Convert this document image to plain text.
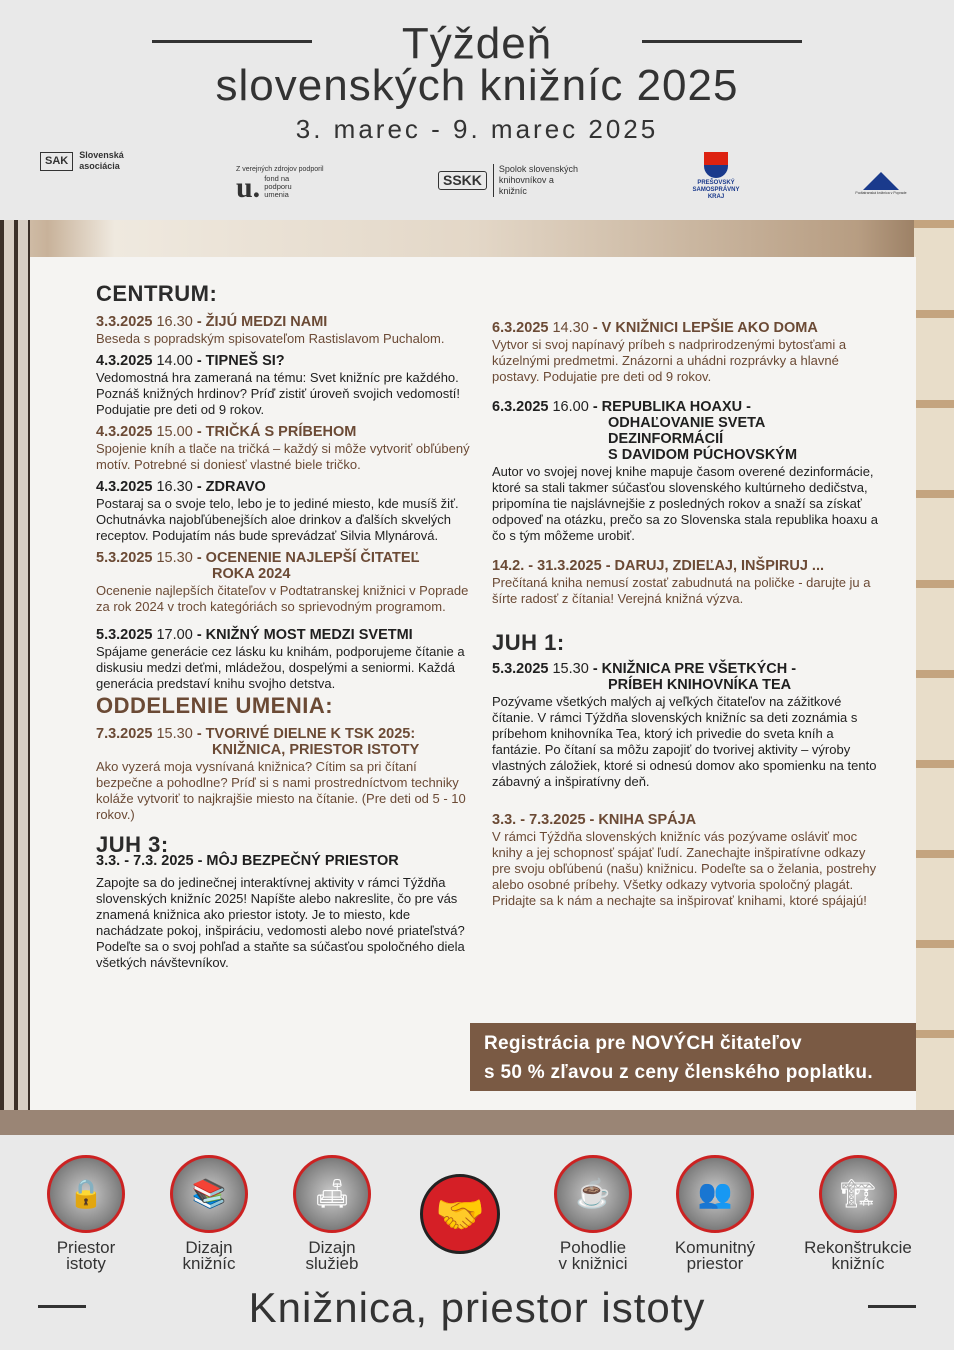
Týždeň
slovenských knižníc 2025
3. marec - 9. marec 2025
SAK	Slovenská asociácia	Z verejných zdrojov podporil
u. fond na podporu umenia
SSKK
Spolok slovenských knihovníkov a knižníc
PREŠOVSKÝ SAMOSPRÁVNY KRAJ
Podtatranská knižnica v Poprade
CENTRUM:
3.3.2025 16.30 - ŽIJÚ MEDZI NAMI

Beseda s popradským spisovateľom Rastislavom Puchalom.

4.3.2025 14.00 - TIPNEŠ SI?

Vedomostná hra zameraná na tému: Svet knižníc pre každého. Poznáš knižných hrdinov? Príď zistiť úroveň svojich vedomostí! Podujatie pre deti od 9 rokov.

4.3.2025 15.00 - TRIČKÁ S PRÍBEHOM

Spojenie kníh a tlače na tričká – každý si môže vytvoriť obľúbený motív. Potrebné si doniesť vlastné biele tričko.

4.3.2025 16.30 - ZDRAVO

Postaraj sa o svoje telo, lebo je to jediné miesto, kde musíš žiť. Ochutnávka najobľúbenejších aloe drinkov a ďalších skvelých receptov. Podujatím nás bude sprevádzať Silvia Mlynárová.

5.3.2025 15.30 - OCENENIE NAJLEPŠÍ ČITATEĽ
ROKA 2024

Ocenenie najlepších čitateľov v Podtatranskej knižnici v Poprade za rok 2024 v troch kategóriách so sprievodným programom.

5.3.2025 17.00 - KNIŽNÝ MOST MEDZI SVETMI

Spájame generácie cez lásku ku knihám, podporujeme čítanie a diskusiu medzi deťmi, mládežou, dospelými a seniormi. Každá generácia predstaví knihu svojho detstva.

ODDELENIE UMENIA:
7.3.2025 15.30 - TVORIVÉ DIELNE K TSK 2025:
KNIŽNICA, PRIESTOR ISTOTY

Ako vyzerá moja vysnívaná knižnica? Cítim sa pri čítaní bezpečne a pohodlne? Príď si s nami prostredníctvom techniky koláže vytvoriť to najkrajšie miesto na čítanie. (Pre deti od 5 - 10 rokov.)

JUH 3:
3.3. - 7.3. 2025 - MÔJ BEZPEČNÝ PRIESTOR

Zapojte sa do jedinečnej interaktívnej aktivity v rámci Týždňa slovenských knižníc 2025! Napíšte alebo nakreslite, čo pre vás znamená knižnica ako priestor istoty. Je to miesto, kde nachádzate pokoj, inšpiráciu, vedomosti alebo nové priateľstvá? Podeľte sa o svoj pohľad a staňte sa súčasťou spoločného diela všetkých návštevníkov.

6.3.2025 14.30 - V KNIŽNICI LEPŠIE AKO DOMA

Vytvor si svoj napínavý príbeh s nadprirodzenými bytosťami a kúzelnými predmetmi. Znázorni a uhádni rozprávky a hlavné postavy. Podujatie pre deti od 9 rokov.

6.3.2025 16.00 - REPUBLIKA HOAXU -
ODHAĽOVANIE SVETA
DEZINFORMÁCIÍ
S DAVIDOM PÚCHOVSKÝM

Autor vo svojej novej knihe mapuje časom overené dezinformácie, ktoré sa stali takmer súčasťou slovenského kultúrneho dedičstva, pripomína tie najslávnejšie z posledných rokov a snaží sa získať odpoveď na otázku, prečo sa zo Slovenska stala republika hoaxu a čo s tým môžeme urobiť.

14.2. - 31.3.2025 - DARUJ, ZDIEĽAJ, INŠPIRUJ ...

Prečítaná kniha nemusí zostať zabudnutá na poličke - darujte ju a šírte radosť z čítania! Verejná knižná výzva.

JUH 1:
5.3.2025 15.30 - KNIŽNICA PRE VŠETKÝCH -
PRÍBEH KNIHOVNÍKA TEA

Pozývame všetkých malých aj veľkých čitateľov na zážitkové čítanie. V rámci Týždňa slovenských knižníc sa deti zoznámia s príbehom knihovníka Tea, ktorý ich privedie do sveta kníh a fantázie. Po čítaní sa môžu zapojiť do tvorivej aktivity – výroby vlastných záložiek, ktoré si odnesú domov ako spomienku na tento zábavný a inšpiratívny deň.

3.3. - 7.3.2025 - KNIHA SPÁJA

V rámci Týždňa slovenských knižníc vás pozývame osláviť moc knihy a jej schopnosť spájať ľudí. Zanechajte inšpiratívne odkazy pre svoju obľúbenú (našu) knižnicu. Podeľte sa o želania, postrehy alebo osobné príbehy. Všetky odkazy vytvoria spoločný plagát. Pridajte sa k nám a nechajte sa inšpirovať knihami, ktoré spájajú!

Registrácia pre NOVÝCH čitateľov
s 50 % zľavou z ceny členského poplatku.
🔒
Priestor
istoty
📚
Dizajn
knižníc
🛋
Dizajn
služieb
☕
Pohodlie
v knižnici
👥
Komunitný
priestor
🏗
Rekonštrukcie
knižníc
🤝
Knižnica, priestor istoty
